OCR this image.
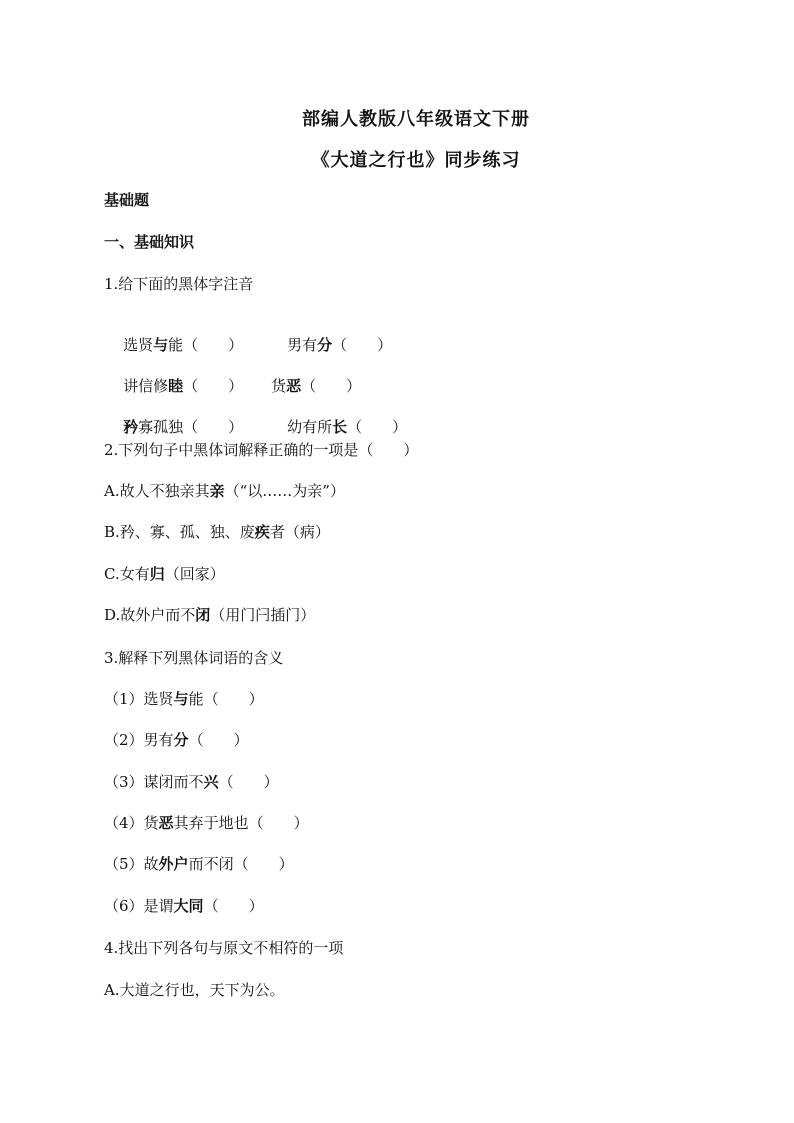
部编人教版八年级语文下册
《大道之行也》同步练习
基础题
一、基础知识
1.给下面的黑体字注音

选贤与能（　　）	男有分（　　）

讲信修睦（　　） 货恶（　　）

矜寡孤独（　　）	幼有所长（　　）

2.下列句子中黑体词解释正确的一项是（　　）
A.故人不独亲其亲（“以……为亲”）
B.矜、寡、孤、独、废疾者（病）
C.女有归（回家）
D.故外户而不闭（用门闩插门）
3.解释下列黑体词语的含义
（1）选贤与能（　　）
（2）男有分（　　）
（3）谋闭而不兴（　　）
（4）货恶其弃于地也（　　）
（5）故外户而不闭（　　）
（6）是谓大同（　　）
4.找出下列各句与原文不相符的一项
A.大道之行也，天下为公。
